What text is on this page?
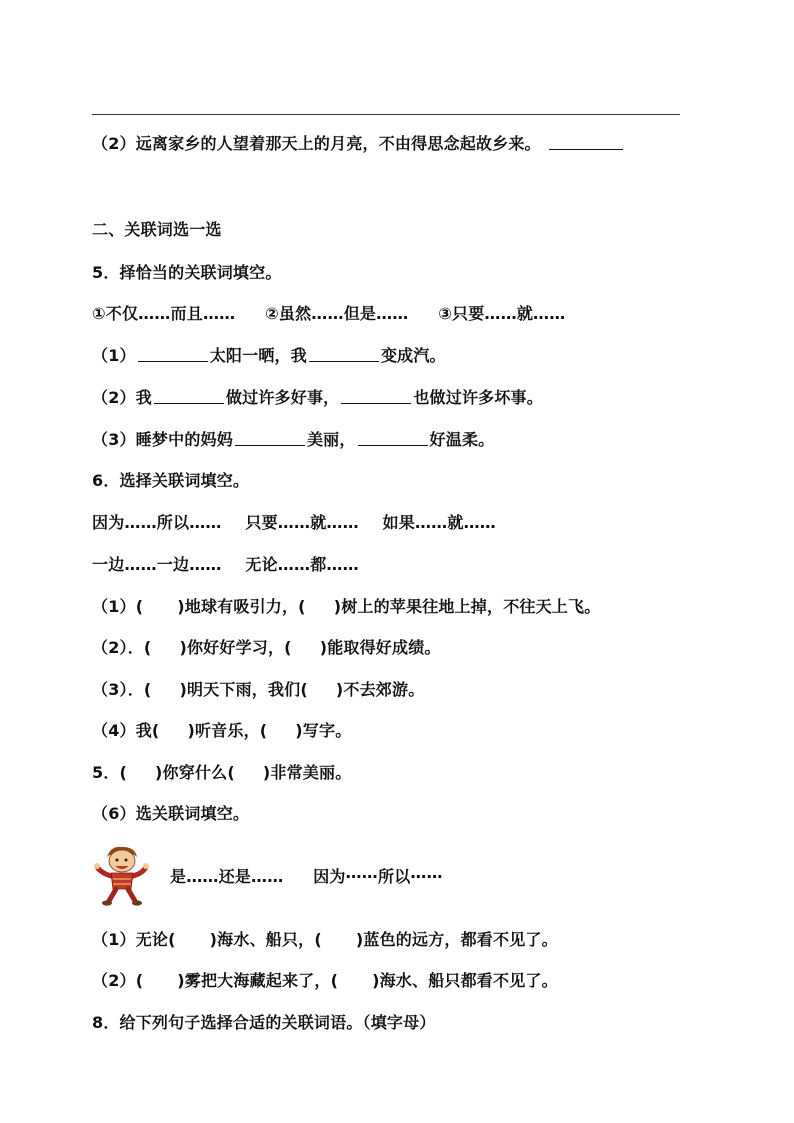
（2）远离家乡的人望着那天上的月亮，不由得思念起故乡来。
二、关联词选一选
5．择恰当的关联词填空。
①不仅……而且…… ②虽然……但是…… ③只要……就……
（1）	太阳一晒，我	变成汽。
（2）我	做过许多好事，	也做过许多坏事。
（3）睡梦中的妈妈	美丽，	好温柔。
6．选择关联词填空。
因为……所以…… 只要……就…… 如果……就……
一边……一边…… 无论……都……
（1）( )地球有吸引力，( )树上的苹果往地上掉，不往天上飞。
（2）．( )你好好学习，( )能取得好成绩。
（3）．( )明天下雨，我们( )不去郊游。
（4）我( )听音乐，( )写字。
5．( )你穿什么( )非常美丽。
（6）选关联词填空。
是……还是…… 因为⋯⋯所以⋯⋯
（1）无论( )海水、船只，( )蓝色的远方，都看不见了。
（2）( )雾把大海藏起来了，( )海水、船只都看不见了。
8．给下列句子选择合适的关联词语。（填字母）
